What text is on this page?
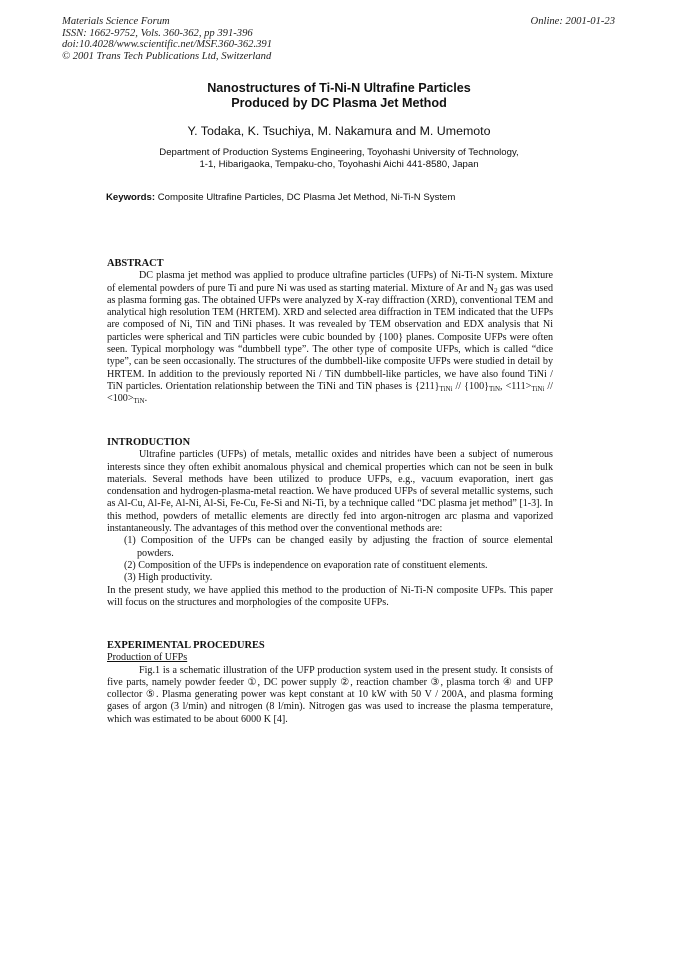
Materials Science Forum
ISSN: 1662-9752, Vols. 360-362, pp 391-396
doi:10.4028/www.scientific.net/MSF.360-362.391
© 2001 Trans Tech Publications Ltd, Switzerland
Online: 2001-01-23
Nanostructures of Ti-Ni-N Ultrafine Particles
Produced by DC Plasma Jet Method
Y. Todaka, K. Tsuchiya, M. Nakamura and M. Umemoto
Department of Production Systems Engineering, Toyohashi University of Technology,
1-1, Hibarigaoka, Tempaku-cho, Toyohashi Aichi 441-8580, Japan
Keywords: Composite Ultrafine Particles, DC Plasma Jet Method, Ni-Ti-N System

ABSTRACT

DC plasma jet method was applied to produce ultrafine particles (UFPs) of Ni-Ti-N system. Mixture of elemental powders of pure Ti and pure Ni was used as starting material. Mixture of Ar and $N_2$ gas was used as plasma forming gas. The obtained UFPs were analyzed by X-ray diffraction (XRD), conventional TEM and analytical high resolution TEM (HRTEM). XRD and selected area diffraction in TEM indicated that the UFPs are composed of Ni, TiN and TiNi phases. It was revealed by TEM observation and EDX analysis that Ni particles were spherical and TiN particles were cubic bounded by {100} planes. Composite UFPs were often seen. Typical morphology was “dumbbell type”. The other type of composite UFPs, which is called “dice type”, can be seen occasionally. The structures of the dumbbell-like composite UFPs were studied in detail by HRTEM. In addition to the previously reported Ni / TiN dumbbell-like particles, we have also found TiNi / TiN particles. Orientation relationship between the TiNi and TiN phases is $\{211\}_{TiNi} // \{100\}_{TiN}$, $<111>_{TiNi} // <100>_{TiN}$.

INTRODUCTION

Ultrafine particles (UFPs) of metals, metallic oxides and nitrides have been a subject of numerous interests since they often exhibit anomalous physical and chemical properties which can not be seen in bulk materials. Several methods have been utilized to produce UFPs, e.g., vacuum evaporation, inert gas condensation and hydrogen-plasma-metal reaction. We have produced UFPs of several metallic systems, such as Al-Cu, Al-Fe, Al-Ni, Al-Si, Fe-Cu, Fe-Si and Ni-Ti, by a technique called “DC plasma jet method” [1-3]. In this method, powders of metallic elements are directly fed into argon-nitrogen arc plasma and vaporized instantaneously. The advantages of this method over the conventional methods are:

(1) Composition of the UFPs can be changed easily by adjusting the fraction of source elemental powders.

(2) Composition of the UFPs is independence on evaporation rate of constituent elements.

(3) High productivity.

In the present study, we have applied this method to the production of Ni-Ti-N composite UFPs. This paper will focus on the structures and morphologies of the composite UFPs.

EXPERIMENTAL PROCEDURES

Production of UFPs

Fig.1 is a schematic illustration of the UFP production system used in the present study. It consists of five parts, namely powder feeder ①, DC power supply ②, reaction chamber ③, plasma torch ④ and UFP collector ⑤. Plasma generating power was kept constant at 10 kW with 50 V / 200A, and plasma forming gases of argon (3 l/min) and nitrogen (8 l/min). Nitrogen gas was used to increase the plasma temperature, which was estimated to be about 6000 K [4].
